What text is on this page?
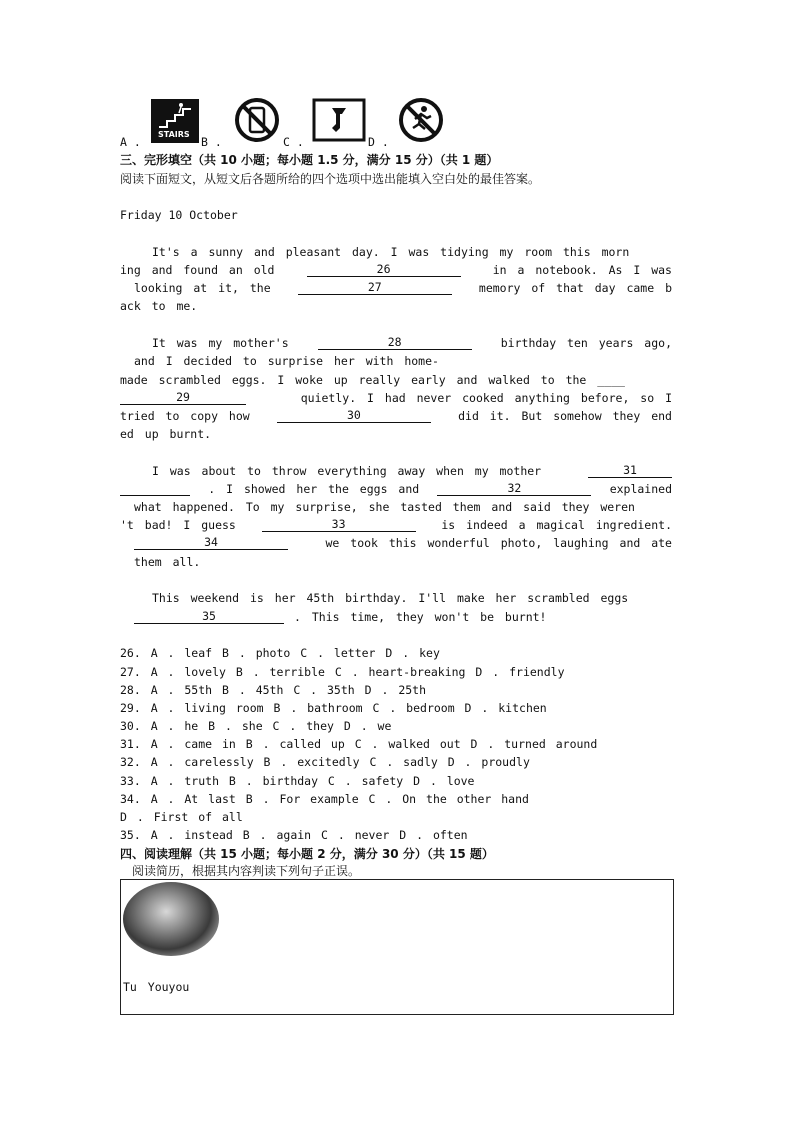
A .
STAIRS
B .	C .	D .
三、完形填空（共 10 小题；每小题 1.5 分，满分 15 分）（共 1 题）
阅读下面短文，从短文后各题所给的四个选项中选出能填入空白处的最佳答案。
Friday 10 October
It's a sunny and pleasant day. I was tidying my room this morn
ing and found an old	26	in a notebook. As I was
looking at it, the	27	memory of that day came b
ack to me.
It was my mother's	28	birthday ten years ago,
and I decided to surprise her with home-
made scrambled eggs. I woke up really early and walked to the ____
29	quietly. I had never cooked anything before, so I
tried to copy how	30	did it. But somehow they end
ed up burnt.
I was about to throw everything away when my mother	31
. I showed her the eggs and	32	explained
what happened. To my surprise, she tasted them and said they weren
't bad! I guess	33	is indeed a magical ingredient.
34	we took this wonderful photo, laughing and ate
them all.
This weekend is her 45th birthday. I'll make her scrambled eggs
35	. This time, they won't be burnt!
26. A . leaf B . photo C . letter D . key
27. A . lovely B . terrible C . heart-breaking D . friendly
28. A . 55th B . 45th C . 35th D . 25th
29. A . living room B . bathroom C . bedroom D . kitchen
30. A . he B . she C . they D . we
31. A . came in B . called up C . walked out D . turned around
32. A . carelessly B . excitedly C . sadly D . proudly
33. A . truth B . birthday C . safety D . love
34. A . At last B . For example C . On the other hand
D . First of all
35. A . instead B . again C . never D . often
四、阅读理解（共 15 小题；每小题 2 分，满分 30 分）（共 15 题）
阅读简历，根据其内容判读下列句子正误。
Tu Youyou
